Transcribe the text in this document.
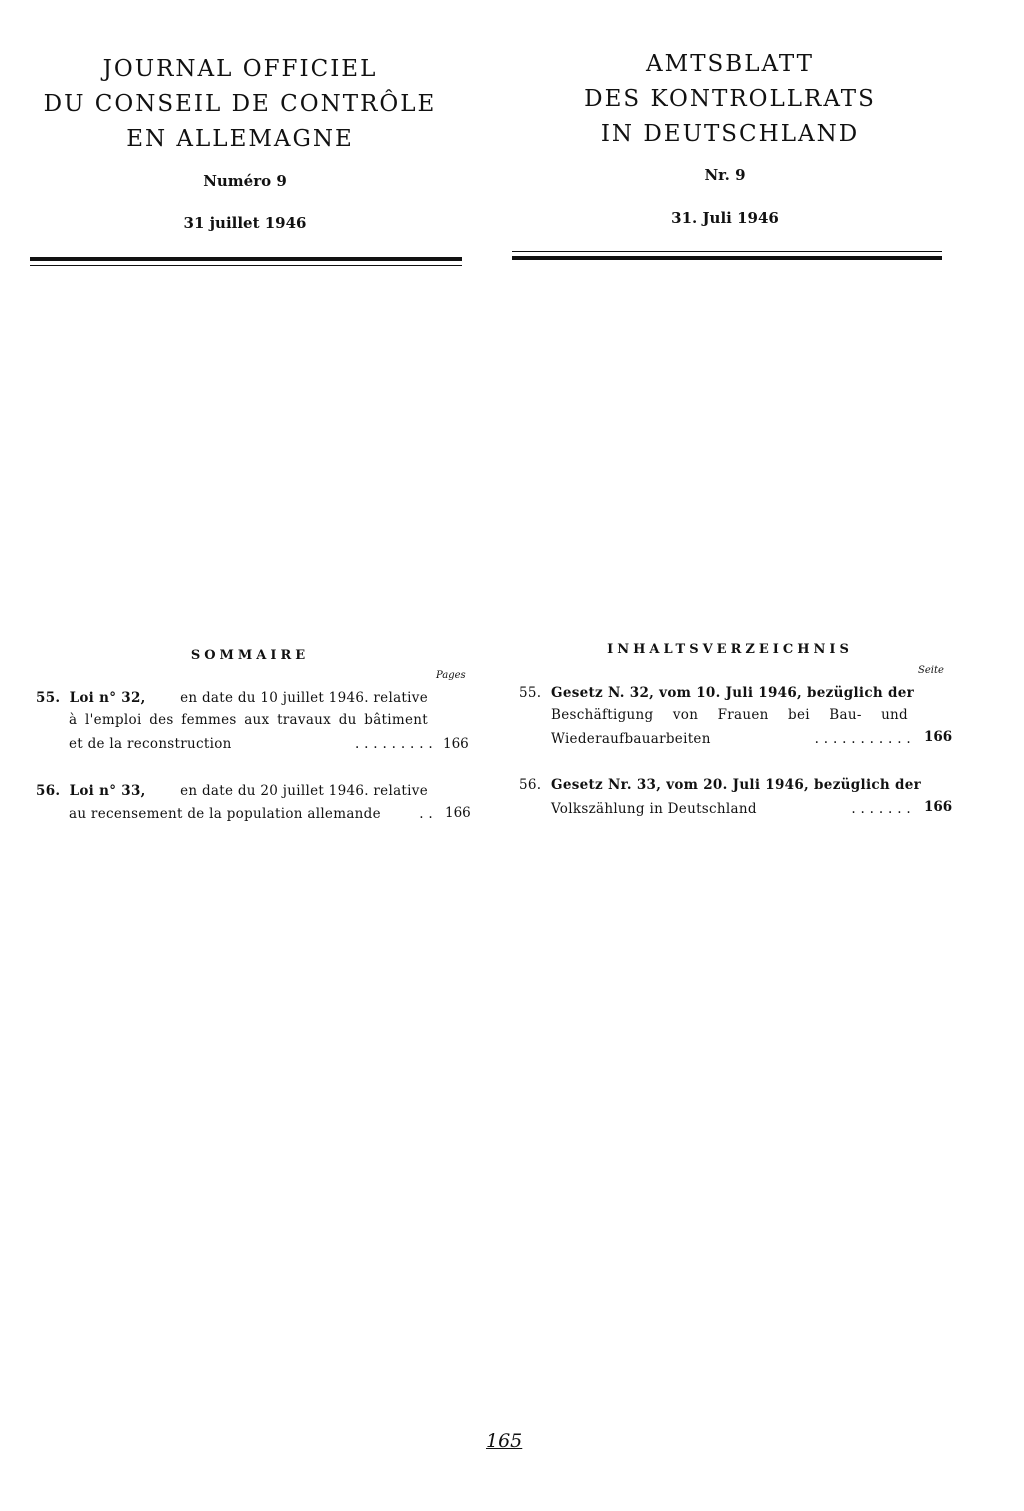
JOURNAL OFFICIEL
DU CONSEIL DE CONTRÔLE
EN ALLEMAGNE
Numéro 9
31 juillet 1946
AMTSBLATT
DES KONTROLLRATS
IN DEUTSCHLAND
Nr. 9
31. Juli 1946
SOMMAIRE
Pages
55. Loi n° 32,	en date du 10 juillet 1946. relative
à l'emploi des femmes aux travaux du bâtiment
et de la reconstruction	. . . . . . . . . 166
56. Loi n° 33,	en date du 20 juillet 1946. relative
au recensement de la population allemande	. . 166
INHALTSVERZEICHNIS
Seite
55. Gesetz N. 32, vom 10. Juli 1946, bezüglich der
Beschäftigung von Frauen bei Bau- und
Wiederaufbauarbeiten	. . . . . . . . . . . 166
56. Gesetz Nr. 33, vom 20. Juli 1946, bezüglich der
Volkszählung in Deutschland	. . . . . . . 166
165
